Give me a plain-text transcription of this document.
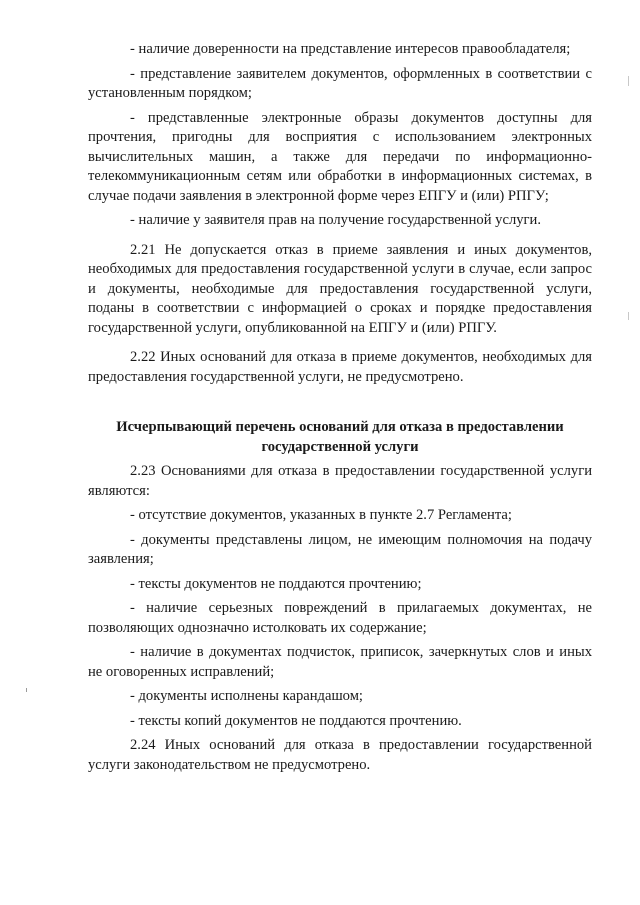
- наличие доверенности на представление интересов правообладателя;

- представление заявителем документов, оформленных в соответствии с установленным порядком;

- представленные электронные образы документов доступны для прочтения, пригодны для восприятия с использованием электронных вычислительных машин, а также для передачи по информационно-телекоммуникационным сетям или обработки в информационных системах, в случае подачи заявления в электронной форме через ЕПГУ и (или) РПГУ;

- наличие у заявителя прав на получение государственной услуги.

2.21 Не допускается отказ в приеме заявления и иных документов, необходимых для предоставления государственной услуги в случае, если запрос и документы, необходимые для предоставления государственной услуги, поданы в соответствии с информацией о сроках и порядке предоставления государственной услуги, опубликованной на ЕПГУ и (или) РПГУ.

2.22 Иных оснований для отказа в приеме документов, необходимых для предоставления государственной услуги, не предусмотрено.

Исчерпывающий перечень оснований для отказа в предоставлении
государственной услуги

2.23 Основаниями для отказа в предоставлении государственной услуги являются:

- отсутствие документов, указанных в пункте 2.7 Регламента;

- документы представлены лицом, не имеющим полномочия на подачу заявления;

- тексты документов не поддаются прочтению;

- наличие серьезных повреждений в прилагаемых документах, не позволяющих однозначно истолковать их содержание;

- наличие в документах подчисток, приписок, зачеркнутых слов и иных не оговоренных исправлений;

- документы исполнены карандашом;

- тексты копий документов не поддаются прочтению.

2.24 Иных оснований для отказа в предоставлении государственной услуги законодательством не предусмотрено.
